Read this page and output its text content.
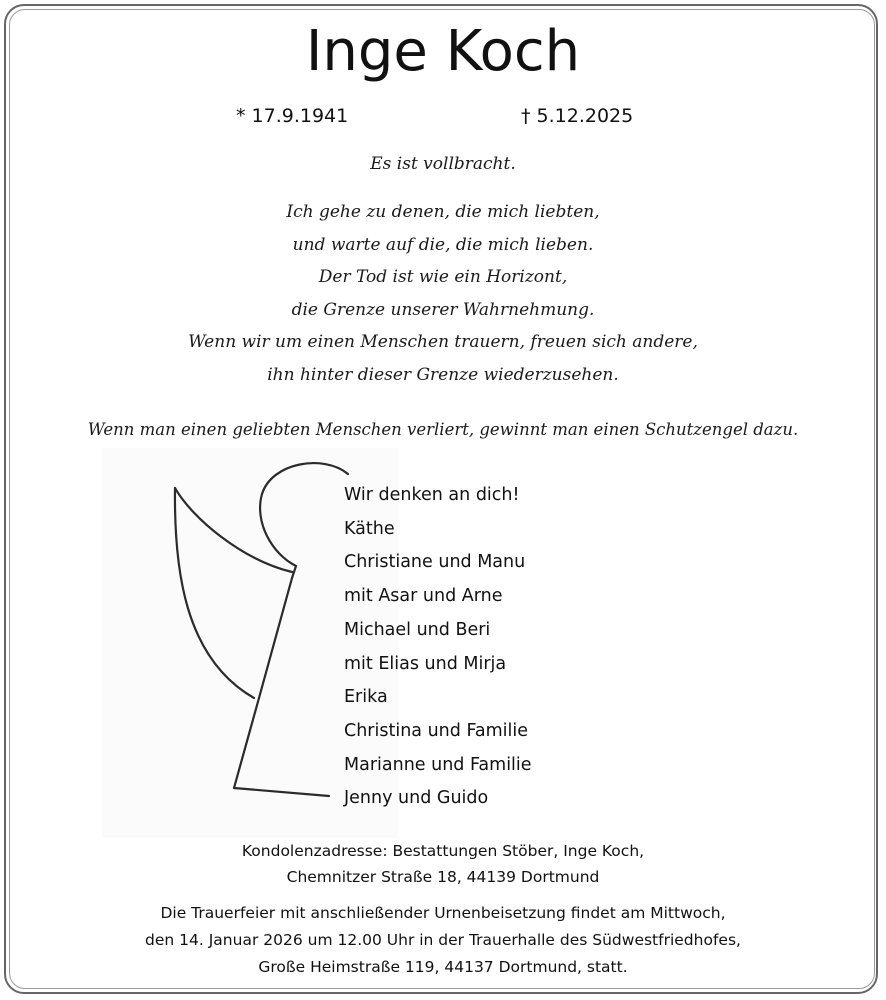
Inge Koch
* 17.9.1941	† 5.12.2025
Es ist vollbracht.
Ich gehe zu denen, die mich liebten,
und warte auf die, die mich lieben.
Der Tod ist wie ein Horizont,
die Grenze unserer Wahrnehmung.
Wenn wir um einen Menschen trauern, freuen sich andere,
ihn hinter dieser Grenze wiederzusehen.
Wenn man einen geliebten Menschen verliert, gewinnt man einen Schutzengel dazu.
Wir denken an dich!
Käthe
Christiane und Manu
mit Asar und Arne
Michael und Beri
mit Elias und Mirja
Erika
Christina und Familie
Marianne und Familie
Jenny und Guido
Kondolenzadresse: Bestattungen Stöber, Inge Koch,
Chemnitzer Straße 18, 44139 Dortmund
Die Trauerfeier mit anschließender Urnenbeisetzung findet am Mittwoch,
den 14. Januar 2026 um 12.00 Uhr in der Trauerhalle des Südwestfriedhofes,
Große Heimstraße 119, 44137 Dortmund, statt.
